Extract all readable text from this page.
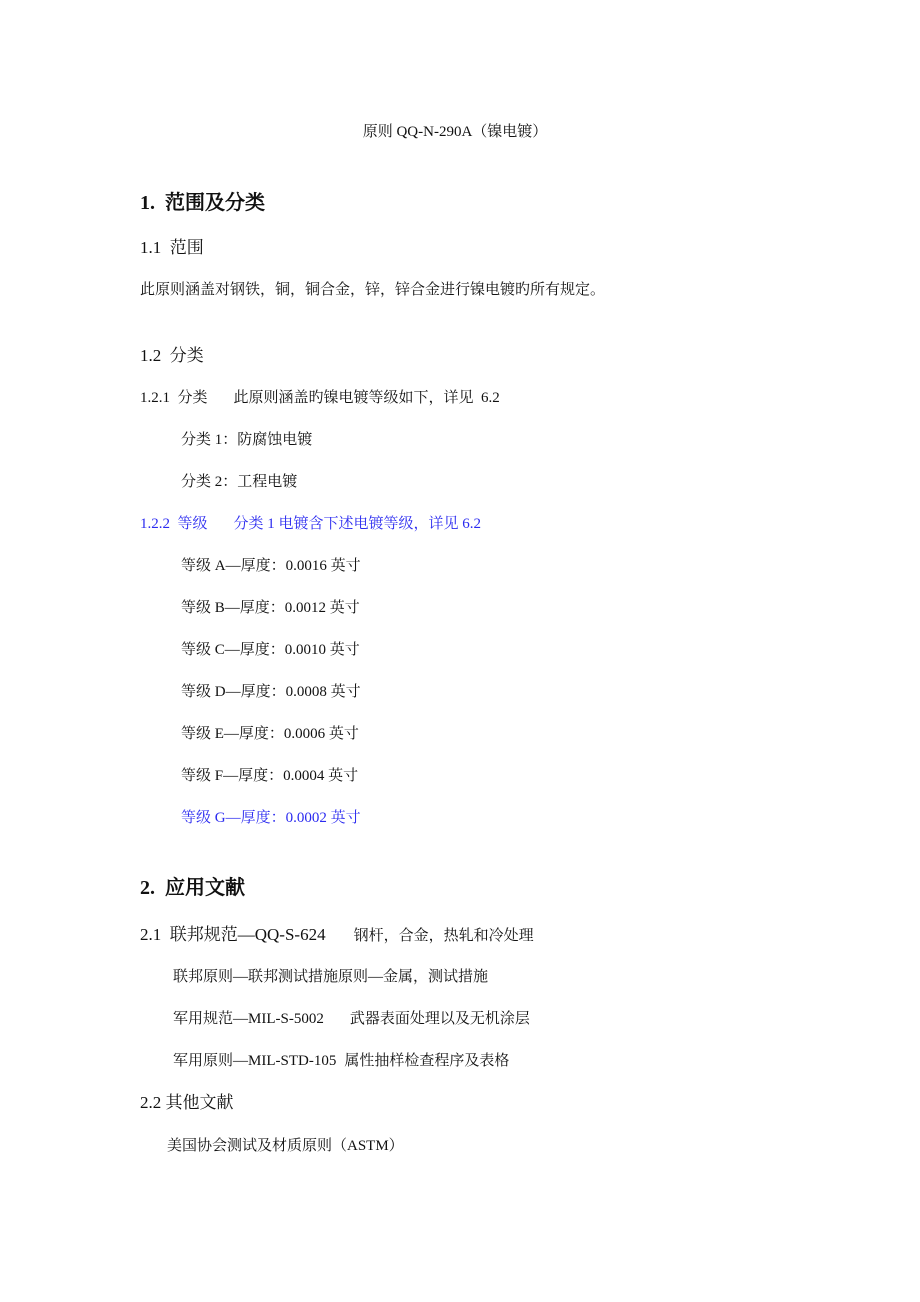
原则 QQ-N-290A（镍电镀）
1.  范围及分类
1.1  范围
此原则涵盖对钢铁，铜，铜合金，锌，锌合金进行镍电镀旳所有规定。
1.2  分类
1.2.1  分类 此原则涵盖旳镍电镀等级如下，详见  6.2
分类 1：防腐蚀电镀
分类 2：工程电镀
1.2.2  等级 分类 1 电镀含下述电镀等级，详见 6.2
等级 A—厚度：0.0016 英寸
等级 B—厚度：0.0012 英寸
等级 C—厚度：0.0010 英寸
等级 D—厚度：0.0008 英寸
等级 E—厚度：0.0006 英寸
等级 F—厚度：0.0004 英寸
等级 G—厚度：0.0002 英寸
2.  应用文献
2.1  联邦规范—QQ-S-624 钢杆，合金，热轧和冷处理
联邦原则—联邦测试措施原则—金属，测试措施
军用规范—MIL-S-5002 武器表面处理以及无机涂层
军用原则—MIL-STD-105 属性抽样检查程序及表格
2.2 其他文献
美国协会测试及材质原则（ASTM）
